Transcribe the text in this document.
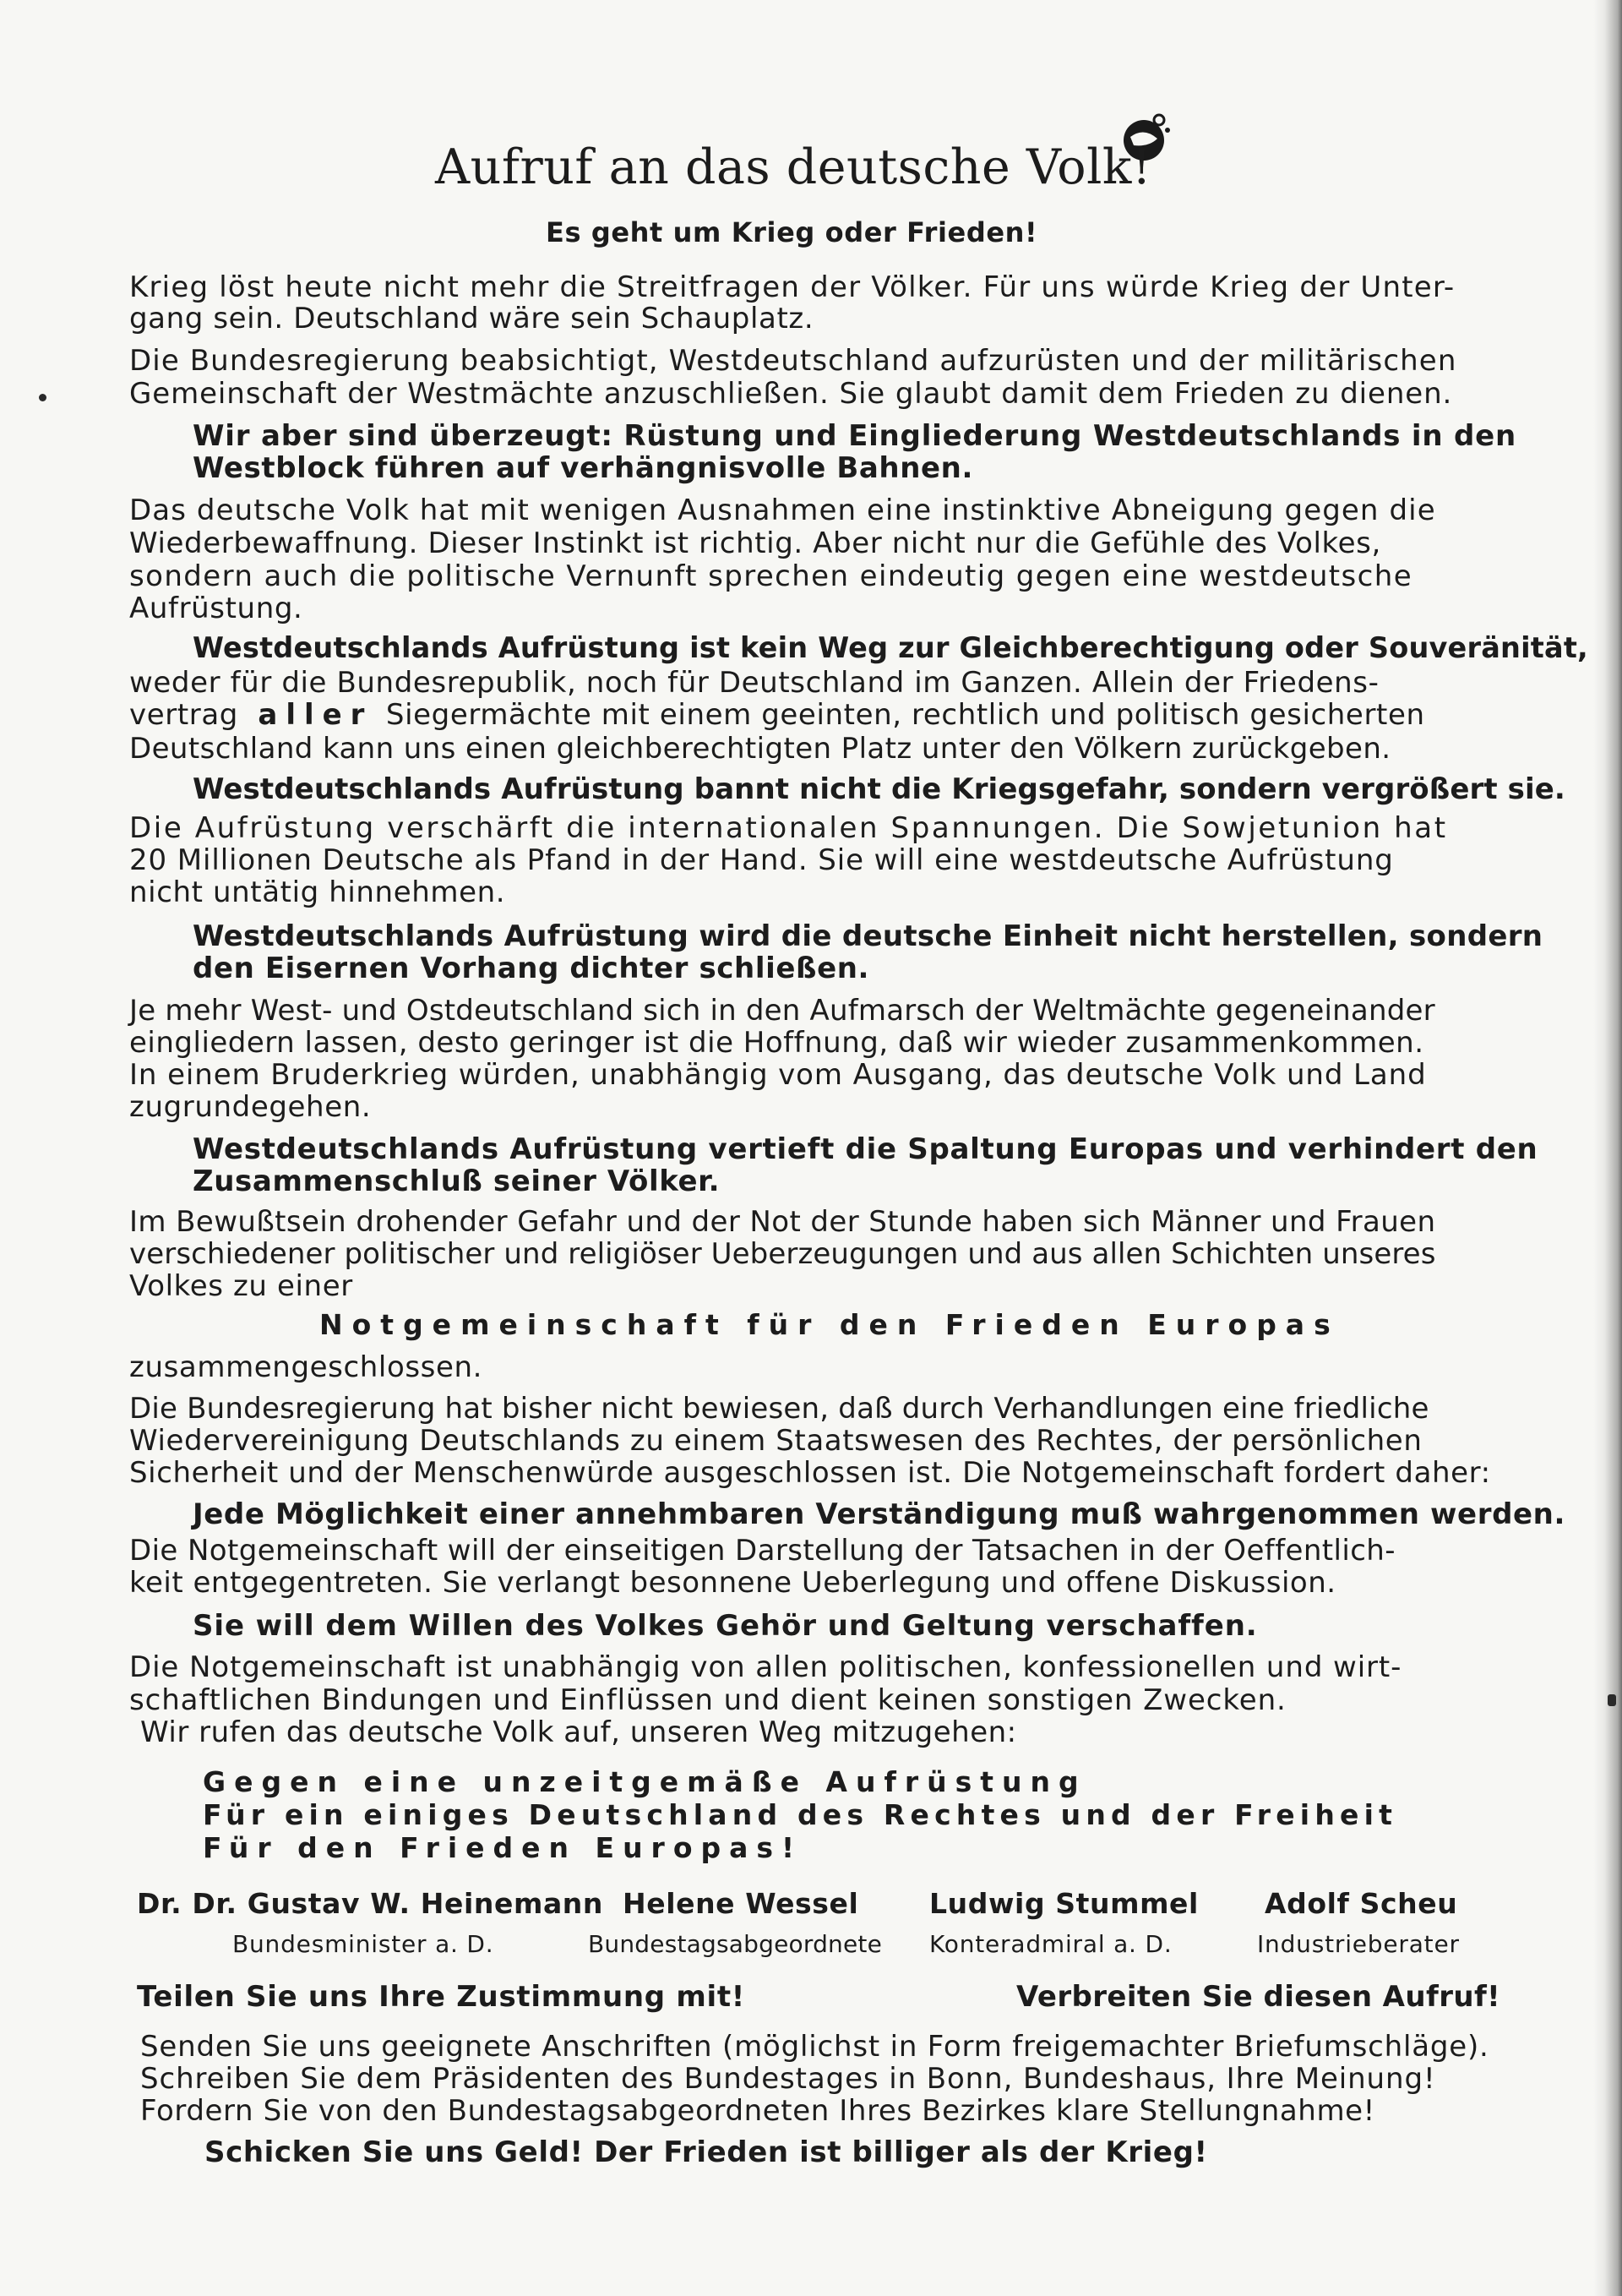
Aufruf an das deutsche Volk!
Es geht um Krieg oder Frieden!
Krieg löst heute nicht mehr die Streitfragen der Völker. Für uns würde Krieg der Unter-
gang sein. Deutschland wäre sein Schauplatz.
Die Bundesregierung beabsichtigt, Westdeutschland aufzurüsten und der militärischen
Gemeinschaft der Westmächte anzuschließen. Sie glaubt damit dem Frieden zu dienen.
Wir aber sind überzeugt: Rüstung und Eingliederung Westdeutschlands in den
Westblock führen auf verhängnisvolle Bahnen.
Das deutsche Volk hat mit wenigen Ausnahmen eine instinktive Abneigung gegen die
Wiederbewaffnung. Dieser Instinkt ist richtig. Aber nicht nur die Gefühle des Volkes,
sondern auch die politische Vernunft sprechen eindeutig gegen eine westdeutsche
Aufrüstung.
Westdeutschlands Aufrüstung ist kein Weg zur Gleichberechtigung oder Souveränität,
weder für die Bundesrepublik, noch für Deutschland im Ganzen. Allein der Friedens-
vertrag aller Siegermächte mit einem geeinten, rechtlich und politisch gesicherten
Deutschland kann uns einen gleichberechtigten Platz unter den Völkern zurückgeben.
Westdeutschlands Aufrüstung bannt nicht die Kriegsgefahr, sondern vergrößert sie.
Die Aufrüstung verschärft die internationalen Spannungen. Die Sowjetunion hat
20 Millionen Deutsche als Pfand in der Hand. Sie will eine westdeutsche Aufrüstung
nicht untätig hinnehmen.
Westdeutschlands Aufrüstung wird die deutsche Einheit nicht herstellen, sondern
den Eisernen Vorhang dichter schließen.
Je mehr West- und Ostdeutschland sich in den Aufmarsch der Weltmächte gegeneinander
eingliedern lassen, desto geringer ist die Hoffnung, daß wir wieder zusammenkommen.
In einem Bruderkrieg würden, unabhängig vom Ausgang, das deutsche Volk und Land
zugrundegehen.
Westdeutschlands Aufrüstung vertieft die Spaltung Europas und verhindert den
Zusammenschluß seiner Völker.
Im Bewußtsein drohender Gefahr und der Not der Stunde haben sich Männer und Frauen
verschiedener politischer und religiöser Ueberzeugungen und aus allen Schichten unseres
Volkes zu einer
Notgemeinschaft für den Frieden Europas
zusammengeschlossen.
Die Bundesregierung hat bisher nicht bewiesen, daß durch Verhandlungen eine friedliche
Wiedervereinigung Deutschlands zu einem Staatswesen des Rechtes, der persönlichen
Sicherheit und der Menschenwürde ausgeschlossen ist. Die Notgemeinschaft fordert daher:
Jede Möglichkeit einer annehmbaren Verständigung muß wahrgenommen werden.
Die Notgemeinschaft will der einseitigen Darstellung der Tatsachen in der Oeffentlich-
keit entgegentreten. Sie verlangt besonnene Ueberlegung und offene Diskussion.
Sie will dem Willen des Volkes Gehör und Geltung verschaffen.
Die Notgemeinschaft ist unabhängig von allen politischen, konfessionellen und wirt-
schaftlichen Bindungen und Einflüssen und dient keinen sonstigen Zwecken.
Wir rufen das deutsche Volk auf, unseren Weg mitzugehen:
Gegen eine unzeitgemäße Aufrüstung
Für ein einiges Deutschland des Rechtes und der Freiheit
Für den Frieden Europas!
Dr. Dr. Gustav W. Heinemann
Bundesminister a. D.
Helene Wessel
Bundestagsabgeordnete
Ludwig Stummel
Konteradmiral a. D.
Adolf Scheu
Industrieberater
Teilen Sie uns Ihre Zustimmung mit!	Verbreiten Sie diesen Aufruf!
Senden Sie uns geeignete Anschriften (möglichst in Form freigemachter Briefumschläge).
Schreiben Sie dem Präsidenten des Bundestages in Bonn, Bundeshaus, Ihre Meinung!
Fordern Sie von den Bundestagsabgeordneten Ihres Bezirkes klare Stellungnahme!
Schicken Sie uns Geld! Der Frieden ist billiger als der Krieg!
